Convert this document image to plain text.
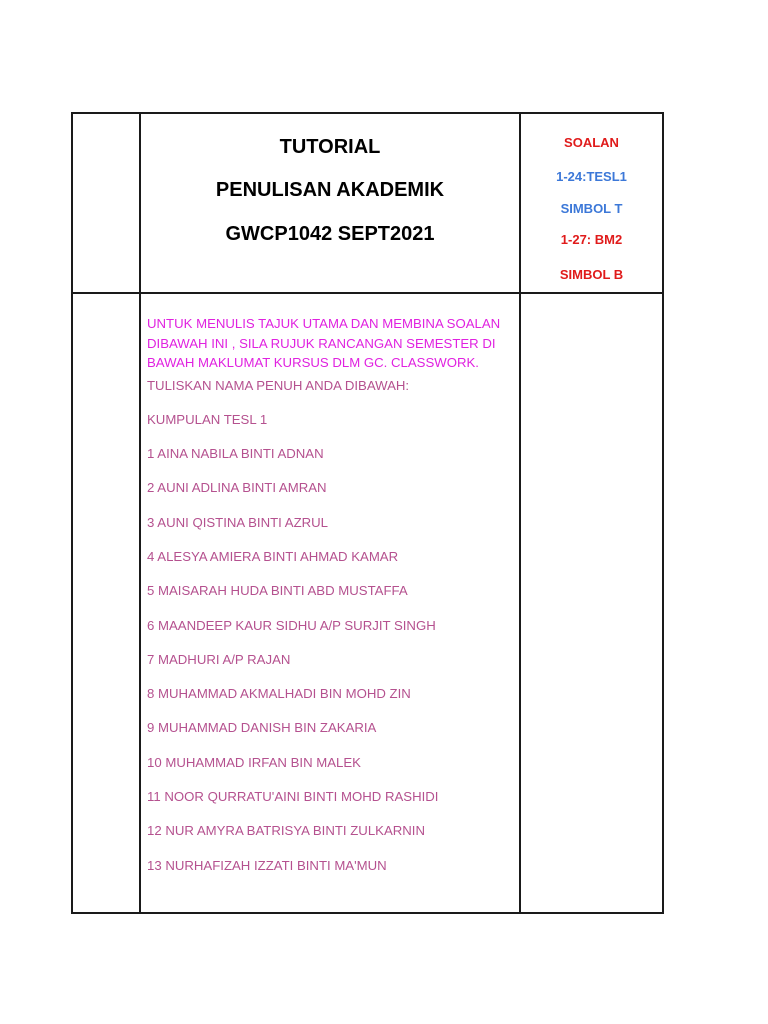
TUTORIAL
PENULISAN AKADEMIK
GWCP1042 SEPT2021
SOALAN
1-24:TESL1
SIMBOL T
1-27: BM2
SIMBOL B

UNTUK MENULIS TAJUK UTAMA DAN MEMBINA SOALAN DIBAWAH INI , SILA RUJUK RANCANGAN SEMESTER DI BAWAH MAKLUMAT KURSUS DLM GC. CLASSWORK.

TULISKAN NAMA PENUH ANDA DIBAWAH:

KUMPULAN TESL 1

1 AINA NABILA BINTI ADNAN

2 AUNI ADLINA BINTI AMRAN

3 AUNI QISTINA BINTI AZRUL

4 ALESYA AMIERA BINTI AHMAD KAMAR

5 MAISARAH HUDA BINTI ABD MUSTAFFA

6 MAANDEEP KAUR SIDHU A/P SURJIT SINGH

7 MADHURI A/P RAJAN

8 MUHAMMAD AKMALHADI BIN MOHD ZIN

9 MUHAMMAD DANISH BIN ZAKARIA

10 MUHAMMAD IRFAN BIN MALEK

11 NOOR QURRATU'AINI BINTI MOHD RASHIDI

12 NUR AMYRA BATRISYA BINTI ZULKARNIN

13 NURHAFIZAH IZZATI BINTI MA'MUN
